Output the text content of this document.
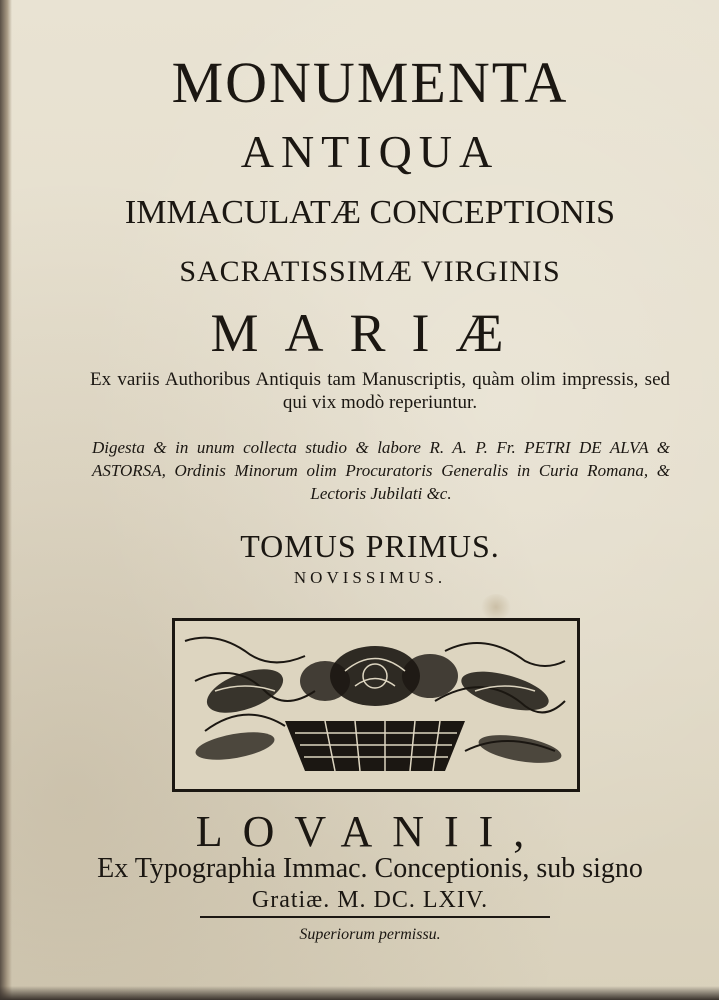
MONUMENTA
ANTIQUA
IMMACULATÆ CONCEPTIONIS
SACRATISSIMÆ VIRGINIS
MARIÆ
Ex variis Authoribus Antiquis tam Manuscriptis, quàm olim impressis, sed qui vix modò reperiuntur.
Digesta & in unum collecta studio & labore R. A. P. Fr. PETRI DE ALVA & ASTORSA, Ordinis Minorum olim Procuratoris Generalis in Curia Romana, & Lectoris Jubilati &c.
TOMUS PRIMUS.
NOVISSIMUS.
LOVANII,
Ex Typographia Immac. Conceptionis, sub signo
Gratiæ. M. DC. LXIV.
Superiorum permissu.
